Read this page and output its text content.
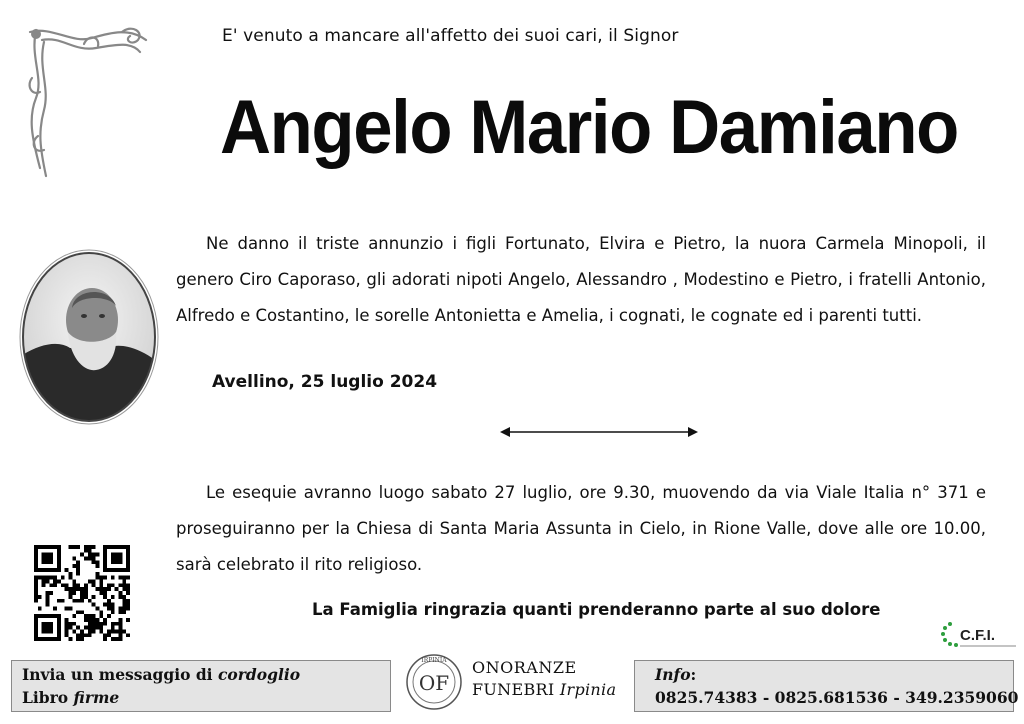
E' venuto a mancare all'affetto dei suoi cari, il Signor
Angelo Mario Damiano
Ne danno il triste annunzio i figli Fortunato, Elvira e Pietro, la nuora Carmela Minopoli, il genero Ciro Caporaso, gli adorati nipoti Angelo, Alessandro , Modestino e Pietro, i fratelli Antonio, Alfredo e Costantino, le sorelle Antonietta e Amelia, i cognati, le cognate ed i parenti tutti.
Avellino, 25 luglio 2024
Le esequie avranno luogo sabato 27 luglio, ore 9.30, muovendo da via Viale Italia n° 371 e proseguiranno per la Chiesa di Santa Maria Assunta in Cielo, in Rione Valle, dove alle ore 10.00, sarà celebrato il rito religioso.
La Famiglia ringrazia quanti prenderanno parte al suo dolore
C.F.I.
Invia un messaggio di cordoglio
Libro firme
IRPINIA
OF
ONORANZE
FUNEBRI Irpinia
Info:
0825.74383 - 0825.681536 - 349.2359060
